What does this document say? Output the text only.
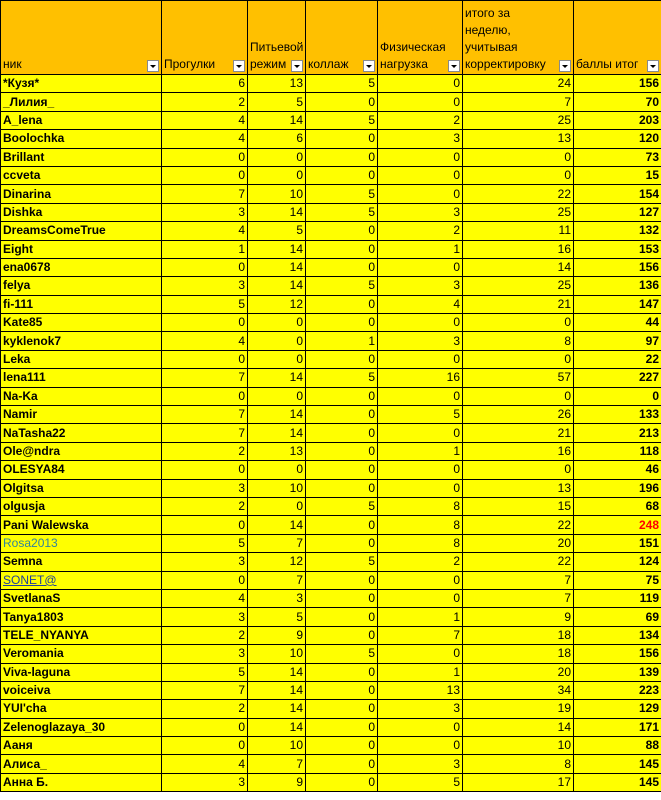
ник	Прогулки	Питьевой режим	коллаж	Физическая нагрузка	итого за неделю, учитывая корректировку	баллы итог

*Кузя*	6	13	5	0	24	156
_Лилия_	2	5	0	0	7	70
A_lena	4	14	5	2	25	203
Boolochka	4	6	0	3	13	120
Brillant	0	0	0	0	0	73
ccveta	0	0	0	0	0	15
Dinarina	7	10	5	0	22	154
Dishka	3	14	5	3	25	127
DreamsComeTrue	4	5	0	2	11	132
Eight	1	14	0	1	16	153
ena0678	0	14	0	0	14	156
felya	3	14	5	3	25	136
fi-111	5	12	0	4	21	147
Kate85	0	0	0	0	0	44
kyklenok7	4	0	1	3	8	97
Leka	0	0	0	0	0	22
lena111	7	14	5	16	57	227
Na-Ka	0	0	0	0	0	0
Namir	7	14	0	5	26	133
NaTasha22	7	14	0	0	21	213
Ole@ndra	2	13	0	1	16	118
OLESYA84	0	0	0	0	0	46
Olgitsa	3	10	0	0	13	196
olgusja	2	0	5	8	15	68
Pani Walewska	0	14	0	8	22	248
Rosa2013	5	7	0	8	20	151
Semna	3	12	5	2	22	124
SONET@	0	7	0	0	7	75
SvetlanaS	4	3	0	0	7	119
Tanya1803	3	5	0	1	9	69
TELE_NYANYA	2	9	0	7	18	134
Veromania	3	10	5	0	18	156
Viva-laguna	5	14	0	1	20	139
voiceiva	7	14	0	13	34	223
YUI'cha	2	14	0	3	19	129
Zelenoglazaya_30	0	14	0	0	14	171
Ааня	0	10	0	0	10	88
Алиса_	4	7	0	3	8	145
Анна Б.	3	9	0	5	17	145
